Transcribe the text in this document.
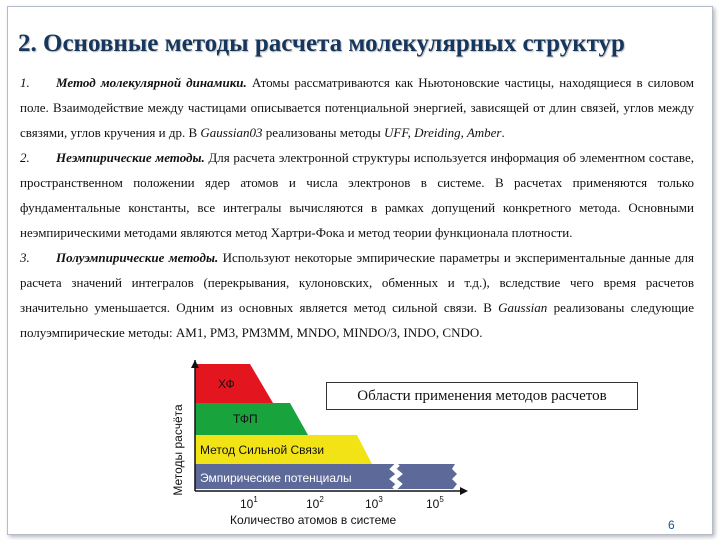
2. Основные методы расчета молекулярных структур

1. Метод молекулярной динамики. Атомы рассматриваются как Ньютоновские частицы, находящиеся в силовом поле. Взаимодействие между частицами описывается потенциальной энергией, зависящей от длин связей, углов между связями, углов кручения и др. В Gaussian03 реализованы методы UFF, Dreiding, Amber.

2. Неэмпирические методы. Для расчета электронной структуры используется информация об элементном составе, пространственном положении ядер атомов и числа электронов в системе. В расчетах применяются только фундаментальные константы, все интегралы вычисляются в рамках допущений конкретного метода. Основными неэмпирическими методами являются метод Хартри-Фока и метод теории функционала плотности.

3. Полуэмпирические методы. Используют некоторые эмпирические параметры и экспериментальные данные для расчета значений интегралов (перекрывания, кулоновских, обменных и т.д.), вследствие чего время расчетов значительно уменьшается. Одним из основных является метод сильной связи. В Gaussian реализованы следующие полуэмпирические методы: AM1, PM3, PM3MM, MNDO, MINDO/3, INDO, CNDO.

Методы расчёта
ХФ
ТФП
Метод Сильной Связи
Эмпирические потенциалы
$10^1$	$10^2$	$10^3$	$10^5$
Количество атомов в системе
Области применения методов расчетов
6
